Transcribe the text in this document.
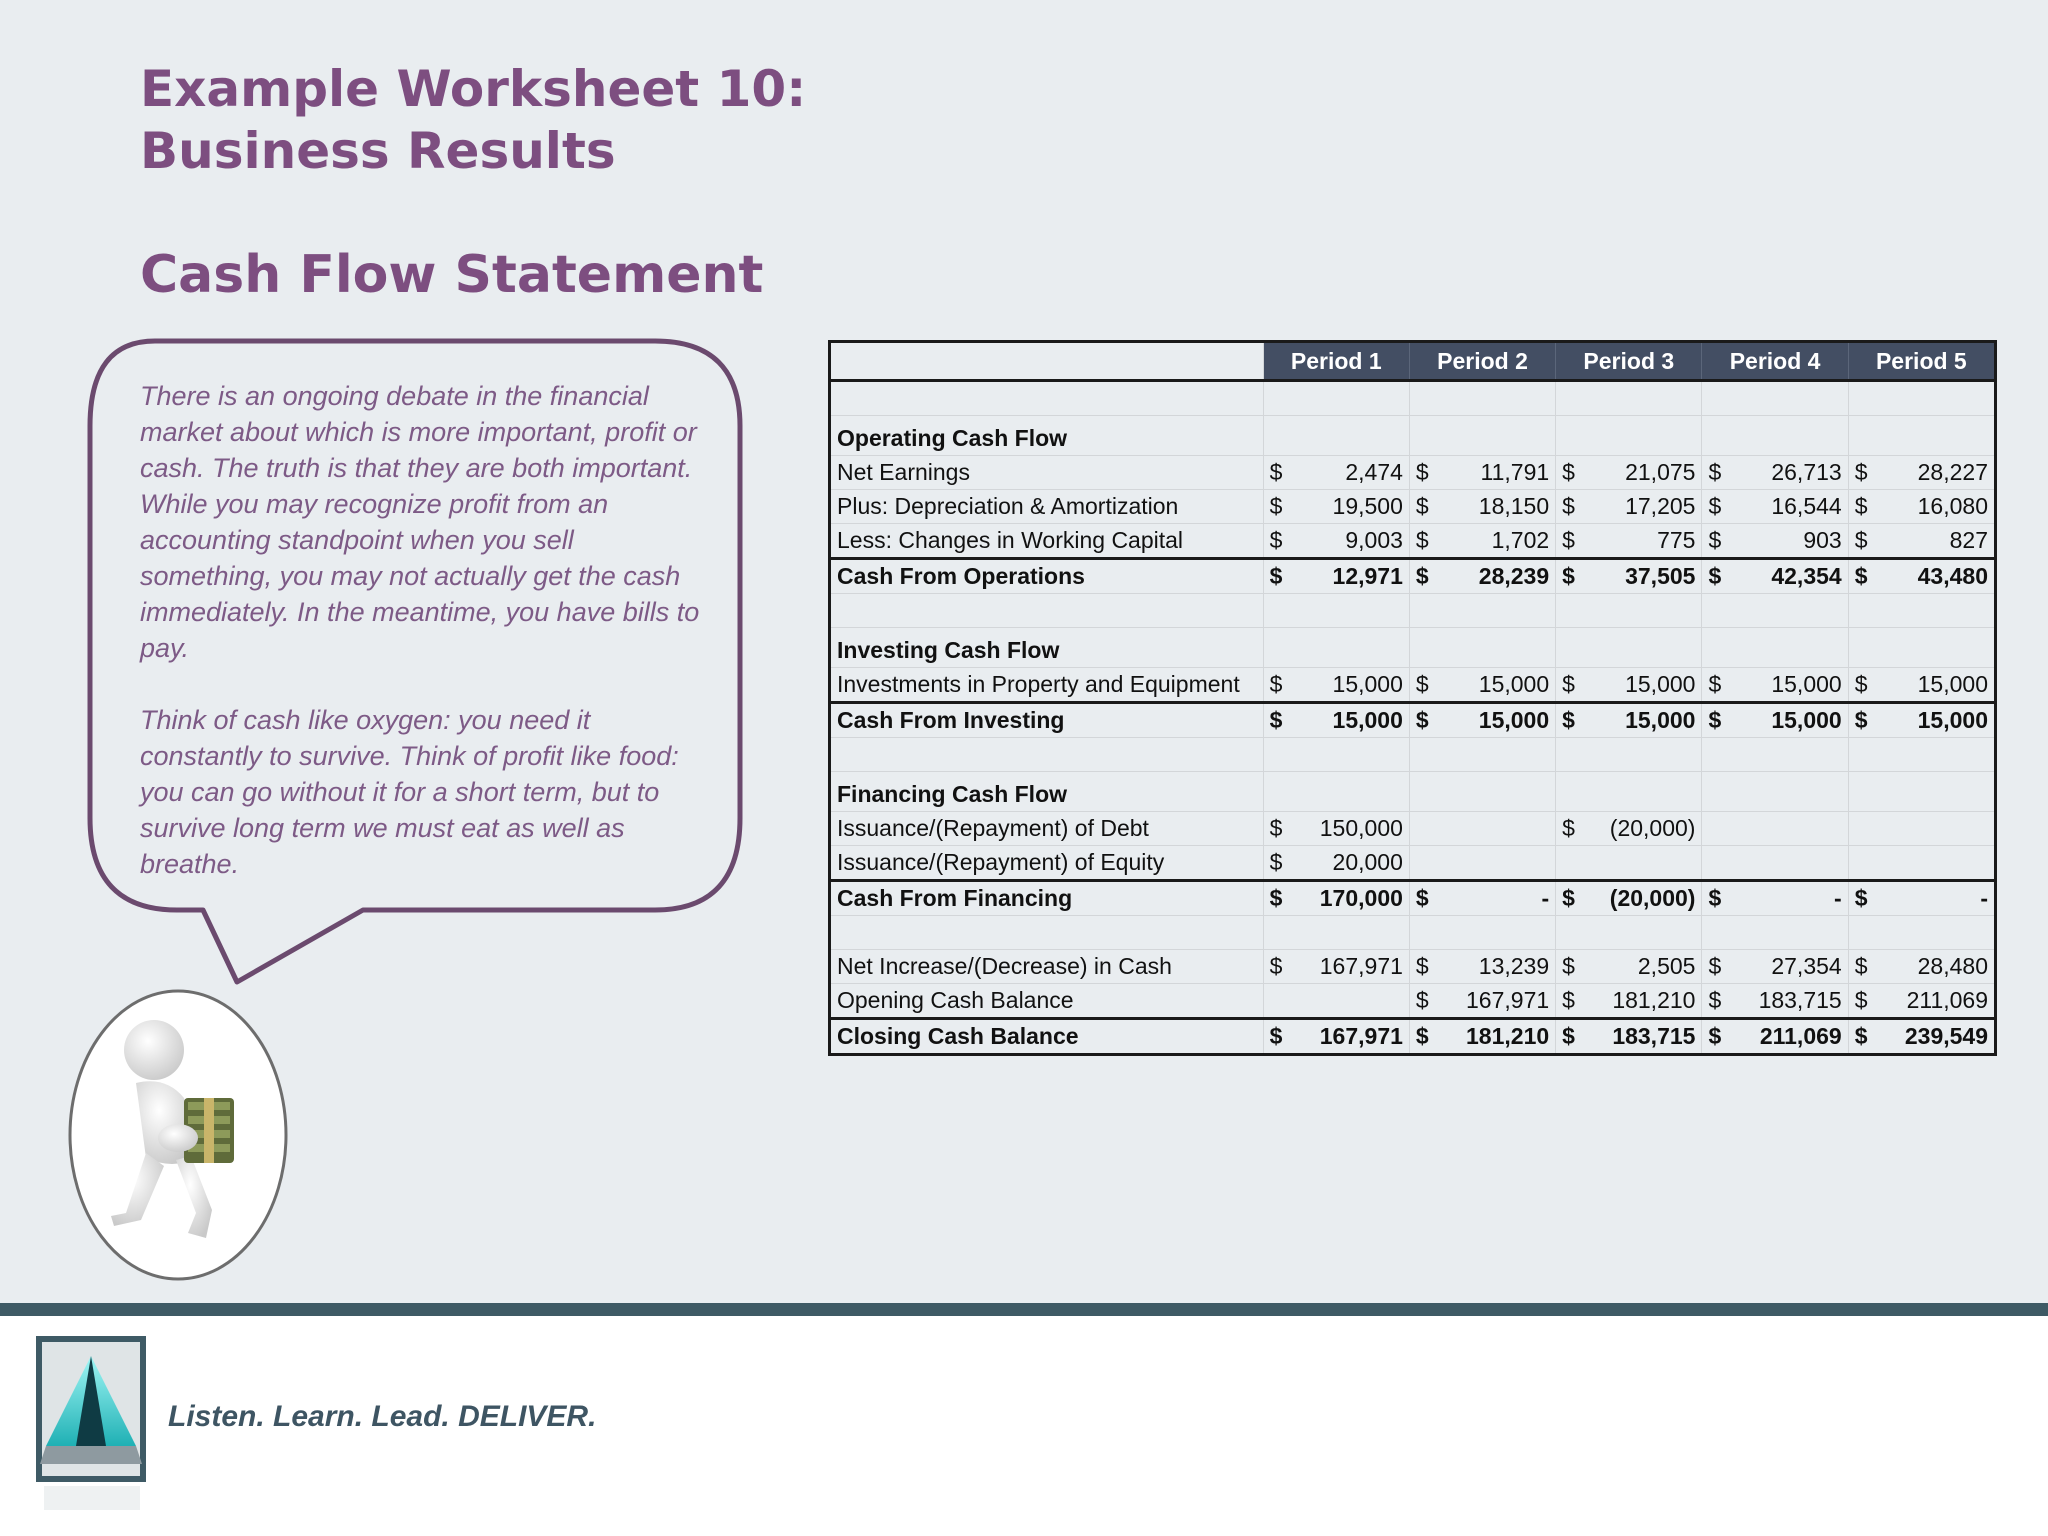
Example Worksheet 10:
Business Results
Cash Flow Statement

There is an ongoing debate in the financial market about which is more important, profit or cash. The truth is that they are both important. While you may recognize profit from an accounting standpoint when you sell something, you may not actually get the cash immediately. In the meantime, you have bills to pay.

Think of cash like oxygen: you need it constantly to survive. Think of profit like food: you can go without it for a short term, but to survive long term we must eat as well as breathe.

	Period 1	Period 2	Period 3	Period 4	Period 5

Operating Cash Flow					
Net Earnings	$ 2,474	$ 11,791	$ 21,075	$ 26,713	$ 28,227

Plus: Depreciation & Amortization	$ 19,500	$ 18,150	$ 17,205	$ 16,544	$ 16,080

Less: Changes in Working Capital	$ 9,003	$ 1,702	$ 775	$ 903	$ 827

Cash From Operations	$ 12,971	$ 28,239	$ 37,505	$ 42,354	$ 43,480

Investing Cash Flow					
Investments in Property and Equipment	$ 15,000	$ 15,000	$ 15,000	$ 15,000	$ 15,000

Cash From Investing	$ 15,000	$ 15,000	$ 15,000	$ 15,000	$ 15,000

Financing Cash Flow					
Issuance/(Repayment) of Debt	$ 150,000		$ (20,000)		

Issuance/(Repayment) of Equity	$ 20,000				

Cash From Financing	$ 170,000	$ -	$ (20,000)	$ -	$ -

Net Increase/(Decrease) in Cash	$ 167,971	$ 13,239	$ 2,505	$ 27,354	$ 28,480

Opening Cash Balance		$ 167,971	$ 181,210	$ 183,715	$ 211,069

Closing Cash Balance	$ 167,971	$ 181,210	$ 183,715	$ 211,069	$ 239,549
Listen. Learn. Lead. DELIVER.
